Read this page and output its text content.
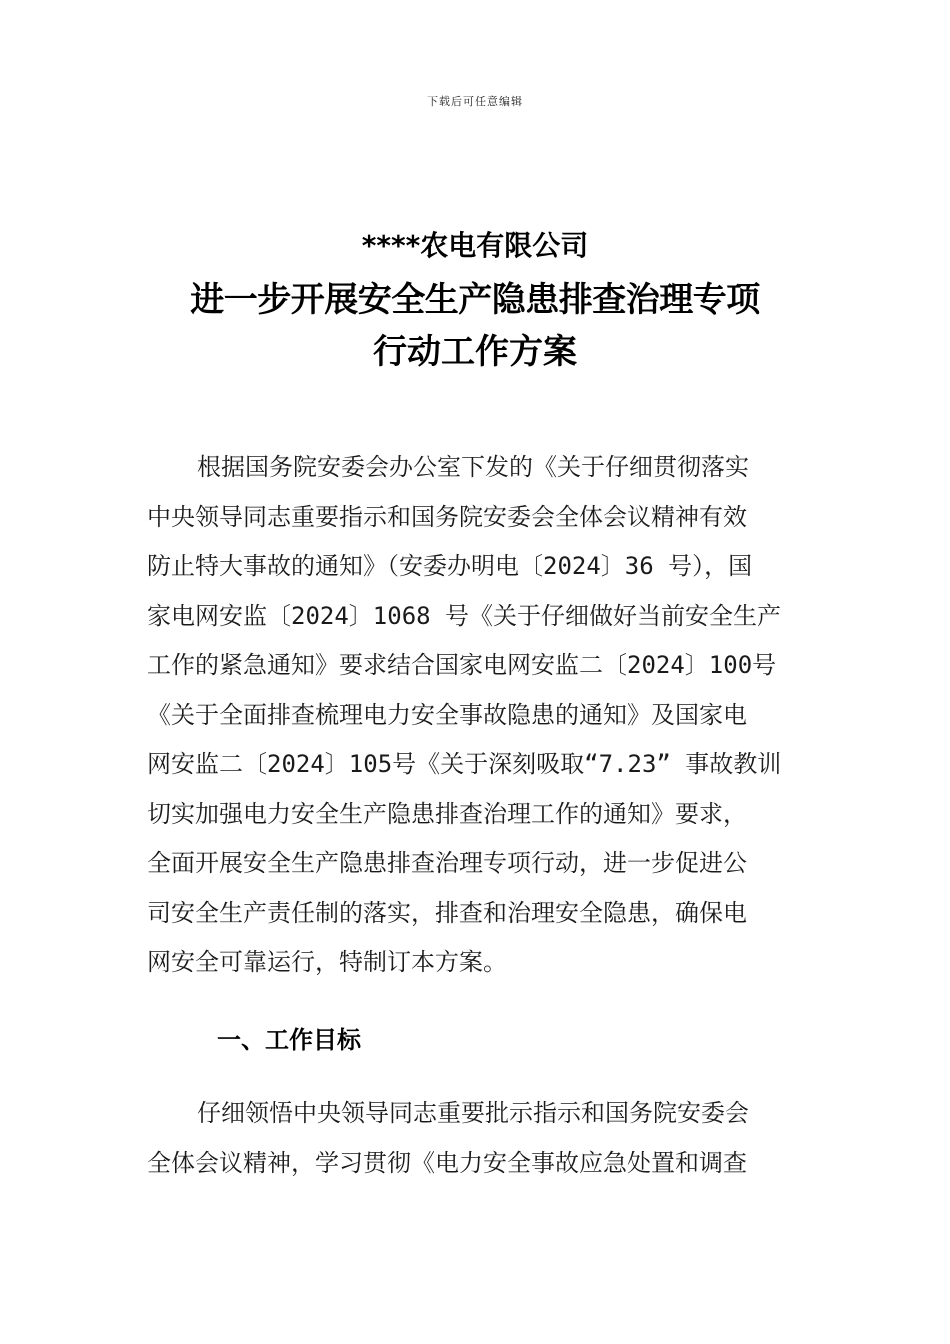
下载后可任意编辑
****农电有限公司
进一步开展安全生产隐患排查治理专项
行动工作方案
根据国务院安委会办公室下发的《关于仔细贯彻落实
中央领导同志重要指示和国务院安委会全体会议精神有效
防止特大事故的通知》（安委办明电〔2024〕36 号），国
家电网安监〔2024〕1068 号《关于仔细做好当前安全生产
工作的紧急通知》要求结合国家电网安监二〔2024〕100号
《关于全面排查梳理电力安全事故隐患的通知》及国家电
网安监二〔2024〕105号《关于深刻吸取“7.23” 事故教训
切实加强电力安全生产隐患排查治理工作的通知》要求，
全面开展安全生产隐患排查治理专项行动，进一步促进公
司安全生产责任制的落实，排查和治理安全隐患，确保电
网安全可靠运行，特制订本方案。
一、工作目标
仔细领悟中央领导同志重要批示指示和国务院安委会
全体会议精神，学习贯彻《电力安全事故应急处置和调查
